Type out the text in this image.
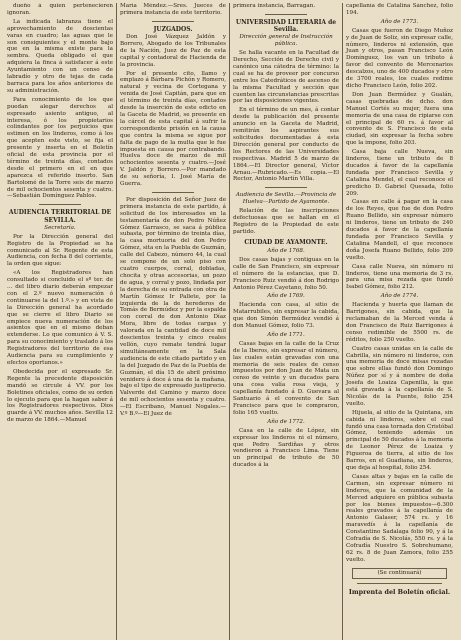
dueño á quien pertenecieren ignoran.

La indicada labranza tiene el aprovechamiento de doscientas varas en cuadro; las aguas que le son consiguientes y el monte bajo que en la misma existe para la sembra. Queda obligado el que adquiera la finca á satisfacer á este Ayuntamiento con un censo de labradío y otro de tejas de cada barraca para los años anteriores de su administración.

Para conocimiento de los que puedan alegar derechos al espresado asiento antiguo, al interesa, ó los propietarios colindantes por los perjuicios que estimen en los linderos, como á los que acepten este visto, se fija el presente y inserta en el Boletín oficial de esta provincia por el término de treinta días, contados desde el primero en el en que aparezca el referido inserto. San Bartolomé de la Torre seis de marzo de mil ochocientos sesenta y cuatro.—Sebastián Domínguez Pablos.

AUDIENCIA TERRITORIAL DE SEVILLA.

Secretaría.

Por la Dirección general del Registro de la Propiedad se ha comunicado al Sr. Regente de esta Audiencia, con fecha 8 del corriente, la orden que sigue:

«A los Registradores han consultado si concluido el sº ter. de ... del libro diario deberán empezar con el 2.º nuevo numeración ó continuarse la del 1.º.» y en vista de la Dirección general ha acordado que se cierre el libro Diario se empiece nueva numeración de los asientos que en el mismo deban extenderse. Lo que comunico á V. S. para su conocimiento y traslado á los Registradores del territorio de esa Audiencia para su cumplimiento y efectos oportunos.»

Obedecida por el expresado Sr. Regente la precedente disposición mandó se circule á VV. por los Boletines oficiales, como de su orden lo ejecuto para que la hagan saber á los Registradores respectivos. Dios guarde á VV. muchos años. Sevilla 12 de marzo de 1864.—Manuel

María Méndez.—Sres. Jueces de primera instancia de este territorio.

JUZGADOS.

Don José Vázquez Jaldón y Borrero, Abogado de los Tribunales de la Nación, Juez de Paz de esta capital y contadoral de Hacienda de la provincia.

Por el presente cito, llamo y emplazo á Bárbara Pichón y Romero, natural y vecina de Cortegana y venida de José Capitán, para que en el término de treinta días, contados desde la inserción de este edicto en la Gaceta de Madrid, se presente en la cárcel de esta capital á sufrir la correspondiente prisión en la causa que contra la misma se sigue por falta de pago de la multa que le fue impuesta en causa por contrabando. Huelva doce de marzo de mil ochocientos sesenta y cuatro.—José V. Jaldón y Borrero.—Por mandado de su señoría, I. José María de Guerra.

Por disposición del Señor Juez de primera instancia de este partido, á solicitud de los interesados en la testamentaría de don Pedro Núñez Gómez Garrasco, se saca á pública subasta, por término de treinta días, la casa mortuoria del don Pedro Gómez, sita en la Puebla de Guzmán, calle del Cabezo, número 44, la cual se compone de un solo piso con cuatro cuerpos, corral, dobladas, chocita y otras accesorias, un pozo de agua, y corral y pozo, lindada por la derecha de su entrada con otra de Martín Gómez Ir Pallete, por la izquierda de la de herederos de Tomás de Bermúdez y por la espalda con corral de don Antonio Díaz Mora, libre de todas cargas y valorada en la cantidad de doce mil doscientos treinta y cinco reales vellón, cuyo remate tendrá lugar simultáneamente en la Sala audiencia de este citado partido y en la del Juzgado de Paz de la Puebla de Guzmán, el día 15 de abril próximo venidero á doce á una de la mañana, bajo el tipo de expresado justiprecio. Valverde del Camino y marzo doce de mil ochocientos sesenta y cuatro. —El Escribano, Manuel Nogales.—V.º B.º—El Juez de

primera instancia, Barragan.

UNIVERSIDAD LITERARIA de Sevilla.

Dirección general de Instrucción pública.

Se halla vacante en la Facultad de Derecho, Sección de Derecho civil y canónico una cátedra de término: la cual se ha de proveer por concurso entre los Catedráticos de ascenso de la misma Facultad y sección que cuenten las circunstancias prescritas por las disposiciones vigentes.

En el término de un mes, á contar desde la publicación del presente anuncio en la Gaceta de Madrid, remitirán los aspirantes sus solicitudes documentadas á esta Dirección general por conducto de los Rectores de las Universidades respectivas. Madrid 5 de marzo de 1864.—El Director general, Víctor Arnau.—Rubricado.—Es copia.—El Rector, Antonio Martín Villa.

Audiencia de Sevilla.—Provincia de Huelva—Partido de Ayamonte.

Relación de las inscripciones defectuosas que se hallan en el Registro de la Propiedad de este partido.

CIUDAD DE AYAMONTE.

Año de 1768.

Dos casas bajas y contiguas en la calle de San Francisco, sin expresar el número de la estancias, que D. Francisco Ruiz vendió á don Rodrigo Antonio Pérez Cayetano, folio 50.

Año de 1769.

Hacienda con casa, al sitio de Matarrubiles, sin expresar la cabida, que don Simón Bermúdez vendió á don Manuel Gómez, folio 73.

Año de 1771.

Casas bajas en la calle de la Cruz de la Iberos, sin expresar el número, las cuales están gravadas con una memoria de seis reales de censo impuestos por don Juan de Mata un censo de veinte y un ducados para una cosa valía rosa vieja, y capellanía fundado á D. Guevara al Santuario á el convento de San Francisco para que le compraron, folio 165 vuelto.

Año de 1772.

Casa en la calle de López, sin expresar los linderos ni el número, que Pedro Sardiñas y otros vendieron á Francisco Lima. Tiene un principal de tributo de 50 ducados á la

capellanía de Catalina Sánchez, folio 194.

Año de 1773.

Casas que fueron de Diego Muñoz y de Juan de Soliz, sin expresar calle, número, linderos ni extensión, que Juan y otros, pasan Francisco León Domínguez, los van un tributo á favor del convento de Mercenarios descalzos, uno de 400 ducados y otro de 3700 reales, los cuales redime dicho Francisco León, folio 202.

Don Juan Bermúdez y Gualán, casas quebradas de dcho. don Manuel Cortés su mujer, fuera una memoria de una casa de ripiarse con el principal de 60 rs. á favor al convento de S. Francisco de esta ciudad, sin expresar la fecha sobre que la impone, folio 203.

Casa baja calle Nueva, sin linderos, tiene un tributo de 8 ducados á favor de la capellanía fundada por Francisco Sevilla y Catalina Mendel, el cual reconoce el predicho D. Gabriel Quesada, folio 209.

Casas en calle á pagar en la casa de los Reyes, que fue de don Pedro Ruano Bellido, sin expresar número ni linderos, tiene un tributo de 240 ducados á favor de la capellanía fundada por Francisco Sevilla y Catalina Mandell, el que reconoce doña Josefa Ruano Bellido, folio 209 vuelto.

Casa calle Nueva, sin número ni linderos, tiene una memoria de 3 rs. para una misa rezada que fundó Isabel Gómez, folio 212.

Año de 1774.

Hacienda y huerta que llaman de Barrigones, sin cabida, que la reclamaban de la Merced venda á don Francisco de Ruiz Barrigones á censo redimible de 5500 rs. de réditos, folio 250 vuelto.

Cuatro casas unidas en la calle de Cabrilla, sin número ni linderos, con una memoria de doce misas rezadas que sobre ellas fundó don Domingo Núñez por sí y á nombre de doña Josefa de Loaiza Capenilla, la que está gravada á la capellanía de S. Nicolás de la Puente, folio 254 vuelto.

Hijuela, al sitio de la Quintana, sin cabida ni linderos, sobre el cual fundó una casa tornada don Cristóbal Gómez, teniendo además un principal de 50 ducados á la memoria de Leonor Pérez de Loaiza y Figueroa de tierra, al sitio de los Barros, en el Guadiana, sin linderos, que deja al hospital, folio 254.

Casas altas y bajas en la calle de Carmen, sin expresar número ni linderos, que la comunidad de la Merced adquiere en pública subasta por los bienes impuestos—6.300 reales gravados á la capellanía de Antonio Galaser, 574 rs. y 16 maravedís á la capellanía de Constantino Sadalaga folio 90, y á la Cofradía de S. Nicolás, 550 rs. y á la Cofradía Nuestro S. Sobrehumano, 62 rs. 8 de Juan Zamora, folio 255 vuelto.

(Se continuará)

Imprenta del Boletín oficial.
